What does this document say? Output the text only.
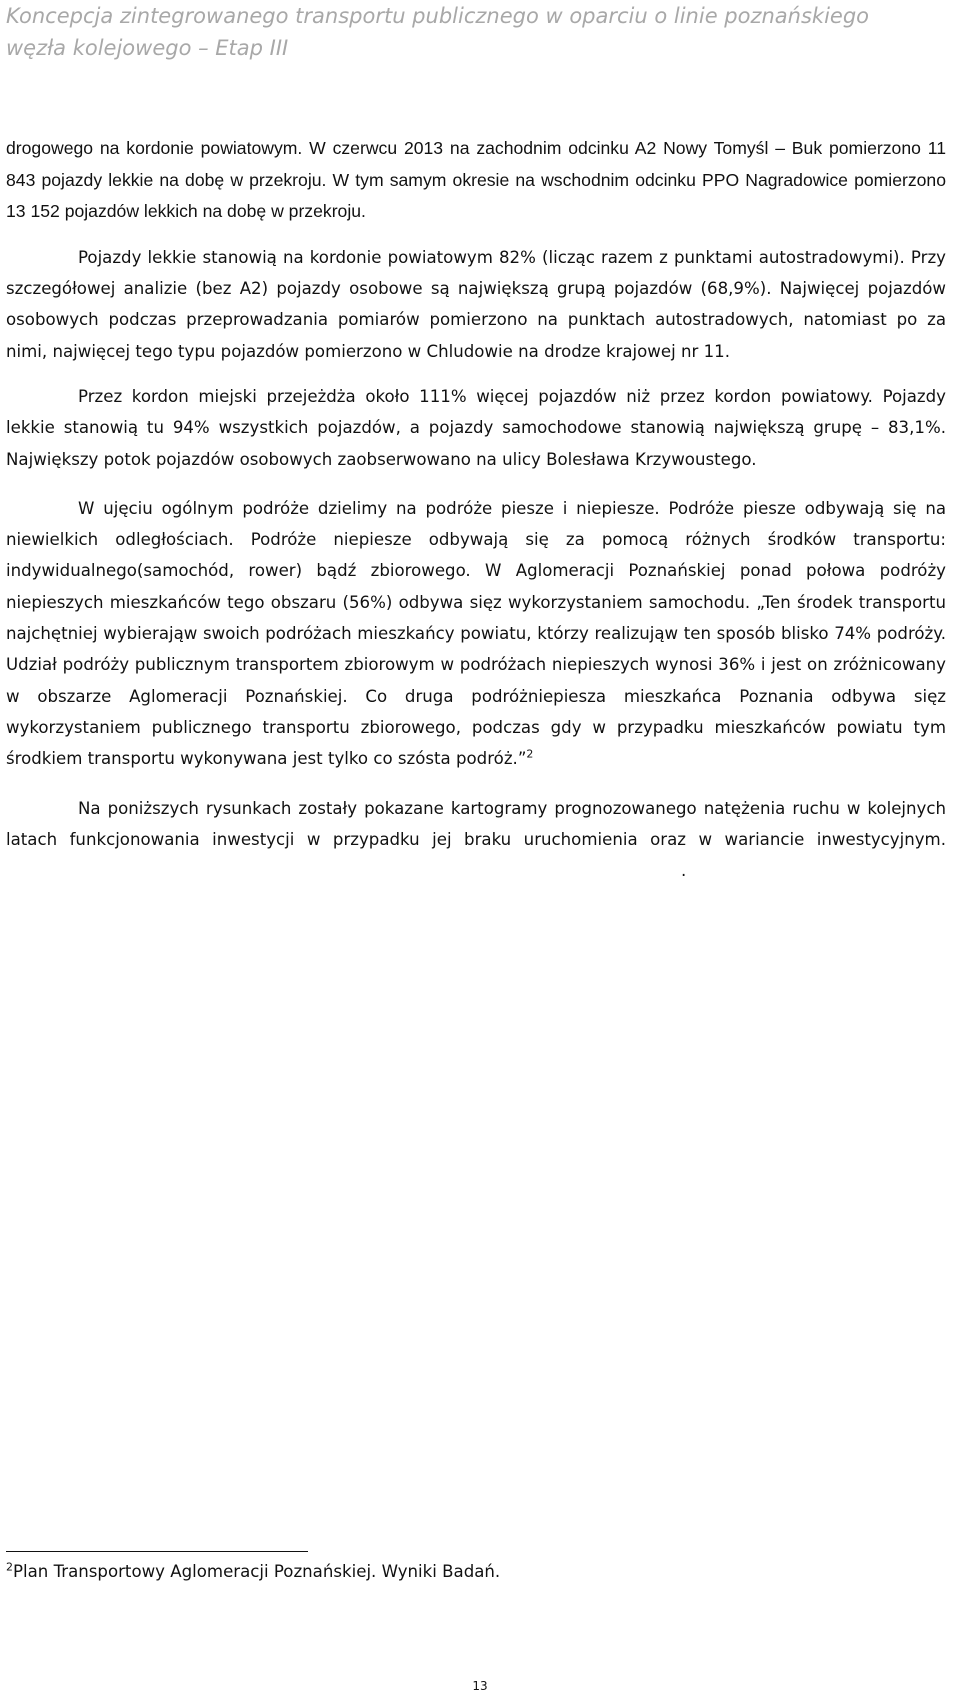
Koncepcja zintegrowanego transportu publicznego w oparciu o linie poznańskiego
węzła kolejowego – Etap III

drogowego na kordonie powiatowym. W czerwcu 2013 na zachodnim odcinku A2 Nowy Tomyśl – Buk pomierzono 11 843 pojazdy lekkie na dobę w przekroju. W tym samym okresie na wschodnim odcinku PPO Nagradowice pomierzono 13 152 pojazdów lekkich na dobę w przekroju.

Pojazdy lekkie stanowią na kordonie powiatowym 82% (licząc razem z punktami autostradowymi). Przy szczegółowej analizie (bez A2) pojazdy osobowe są największą grupą pojazdów (68,9%). Najwięcej pojazdów osobowych podczas przeprowadzania pomiarów pomierzono na punktach autostradowych, natomiast po za nimi, najwięcej tego typu pojazdów pomierzono w Chludowie na drodze krajowej nr 11.

Przez kordon miejski przejeżdża około 111% więcej pojazdów niż przez kordon powiatowy. Pojazdy lekkie stanowią tu 94% wszystkich pojazdów, a pojazdy samochodowe stanowią największą grupę – 83,1%. Największy potok pojazdów osobowych zaobserwowano na ulicy Bolesława Krzywoustego.

W ujęciu ogólnym podróże dzielimy na podróże piesze i niepiesze. Podróże piesze odbywają się na niewielkich odległościach. Podróże niepiesze odbywają się za pomocą różnych środków transportu: indywidualnego(samochód, rower) bądź zbiorowego. W Aglomeracji Poznańskiej ponad połowa podróży niepieszych mieszkańców tego obszaru (56%) odbywa sięz wykorzystaniem samochodu. „Ten środek transportu najchętniej wybierająw swoich podróżach mieszkańcy powiatu, którzy realizująw ten sposób blisko 74% podróży. Udział podróży publicznym transportem zbiorowym w podróżach niepieszych wynosi 36% i jest on zróżnicowany w obszarze Aglomeracji Poznańskiej. Co druga podróżniepiesza mieszkańca Poznania odbywa sięz wykorzystaniem publicznego transportu zbiorowego, podczas gdy w przypadku mieszkańców powiatu tym środkiem transportu wykonywana jest tylko co szósta podróż.”$^2$

Na poniższych rysunkach zostały pokazane kartogramy prognozowanego natężenia ruchu w kolejnych latach funkcjonowania inwestycji w przypadku jej braku uruchomienia oraz w wariancie inwestycyjnym..

$^2$Plan Transportowy Aglomeracji Poznańskiej. Wyniki Badań.
13
